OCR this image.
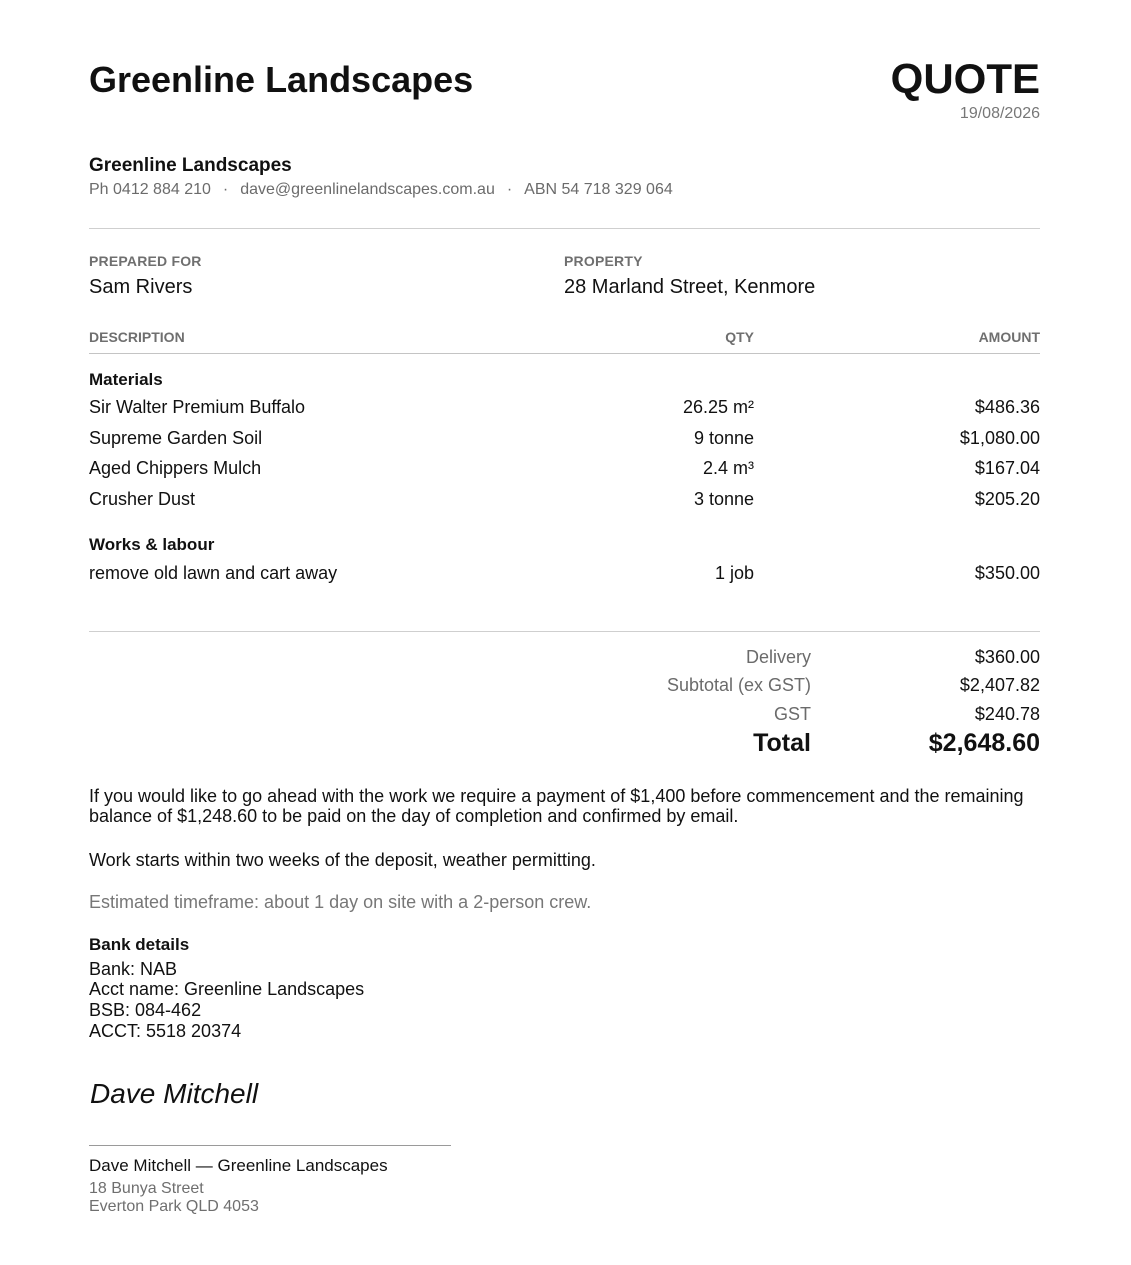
Greenline Landscapes	QUOTE
19/08/2026
Greenline Landscapes
Ph 0412 884 210 · dave@greenlinelandscapes.com.au · ABN 54 718 329 064
PREPARED FOR
Sam Rivers
PROPERTY
28 Marland Street, Kenmore
DESCRIPTION	QTY	AMOUNT
Materials
Sir Walter Premium Buffalo	26.25 m²	$486.36
Supreme Garden Soil	9 tonne	$1,080.00
Aged Chippers Mulch	2.4 m³	$167.04
Crusher Dust	3 tonne	$205.20
Works & labour
remove old lawn and cart away	1 job	$350.00
Delivery	$360.00
Subtotal (ex GST)	$2,407.82
GST	$240.78
Total	$2,648.60
If you would like to go ahead with the work we require a payment of $1,400 before commencement and the remaining balance of $1,248.60 to be paid on the day of completion and confirmed by email.
Work starts within two weeks of the deposit, weather permitting.
Estimated timeframe: about 1 day on site with a 2-person crew.
Bank details
Bank: NAB
Acct name: Greenline Landscapes
BSB: 084-462
ACCT: 5518 20374
Dave Mitchell
Dave Mitchell — Greenline Landscapes
18 Bunya Street
Everton Park QLD 4053
